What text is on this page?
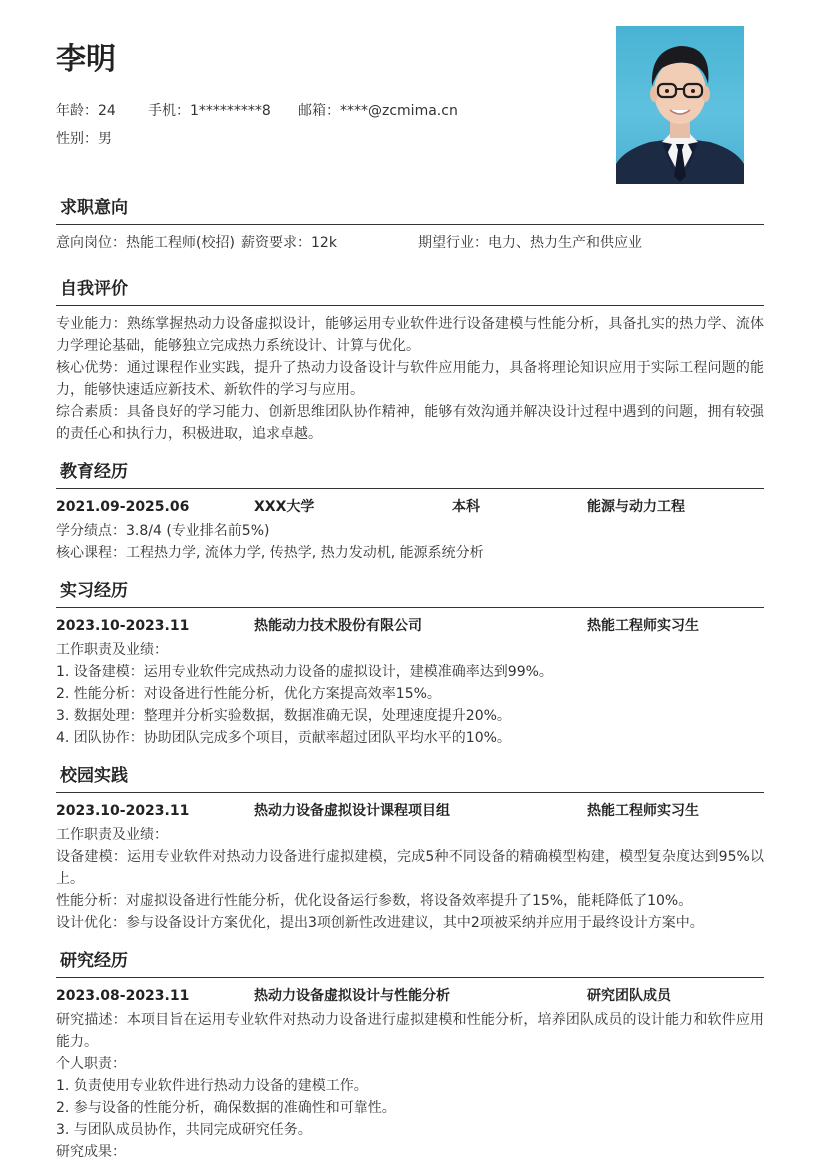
李明
年龄：24 手机：1*********8 邮箱：****@zcmima.cn
性别：男
求职意向
意向岗位：热能工程师(校招) 薪资要求：12k	期望行业：电力、热力生产和供应业
自我评价
专业能力：熟练掌握热动力设备虚拟设计，能够运用专业软件进行设备建模与性能分析，具备扎实的热力学、流体力学理论基础，能够独立完成热力系统设计、计算与优化。
核心优势：通过课程作业实践，提升了热动力设备设计与软件应用能力，具备将理论知识应用于实际工程问题的能力，能够快速适应新技术、新软件的学习与应用。
综合素质：具备良好的学习能力、创新思维团队协作精神，能够有效沟通并解决设计过程中遇到的问题，拥有较强的责任心和执行力，积极进取，追求卓越。
教育经历
2021.09-2025.06	XXX大学	本科	能源与动力工程
学分绩点：3.8/4 (专业排名前5%)
核心课程：工程热力学, 流体力学, 传热学, 热力发动机, 能源系统分析
实习经历
2023.10-2023.11	热能动力技术股份有限公司	热能工程师实习生
工作职责及业绩：
1. 设备建模：运用专业软件完成热动力设备的虚拟设计，建模准确率达到99%。
2. 性能分析：对设备进行性能分析，优化方案提高效率15%。
3. 数据处理：整理并分析实验数据，数据准确无误，处理速度提升20%。
4. 团队协作：协助团队完成多个项目，贡献率超过团队平均水平的10%。
校园实践
2023.10-2023.11	热动力设备虚拟设计课程项目组	热能工程师实习生
工作职责及业绩：
设备建模：运用专业软件对热动力设备进行虚拟建模，完成5种不同设备的精确模型构建，模型复杂度达到95%以上。
性能分析：对虚拟设备进行性能分析，优化设备运行参数，将设备效率提升了15%，能耗降低了10%。
设计优化：参与设备设计方案优化，提出3项创新性改进建议，其中2项被采纳并应用于最终设计方案中。
研究经历
2023.08-2023.11	热动力设备虚拟设计与性能分析	研究团队成员
研究描述：本项目旨在运用专业软件对热动力设备进行虚拟建模和性能分析，培养团队成员的设计能力和软件应用能力。
个人职责：
1. 负责使用专业软件进行热动力设备的建模工作。
2. 参与设备的性能分析，确保数据的准确性和可靠性。
3. 与团队成员协作，共同完成研究任务。
研究成果：
